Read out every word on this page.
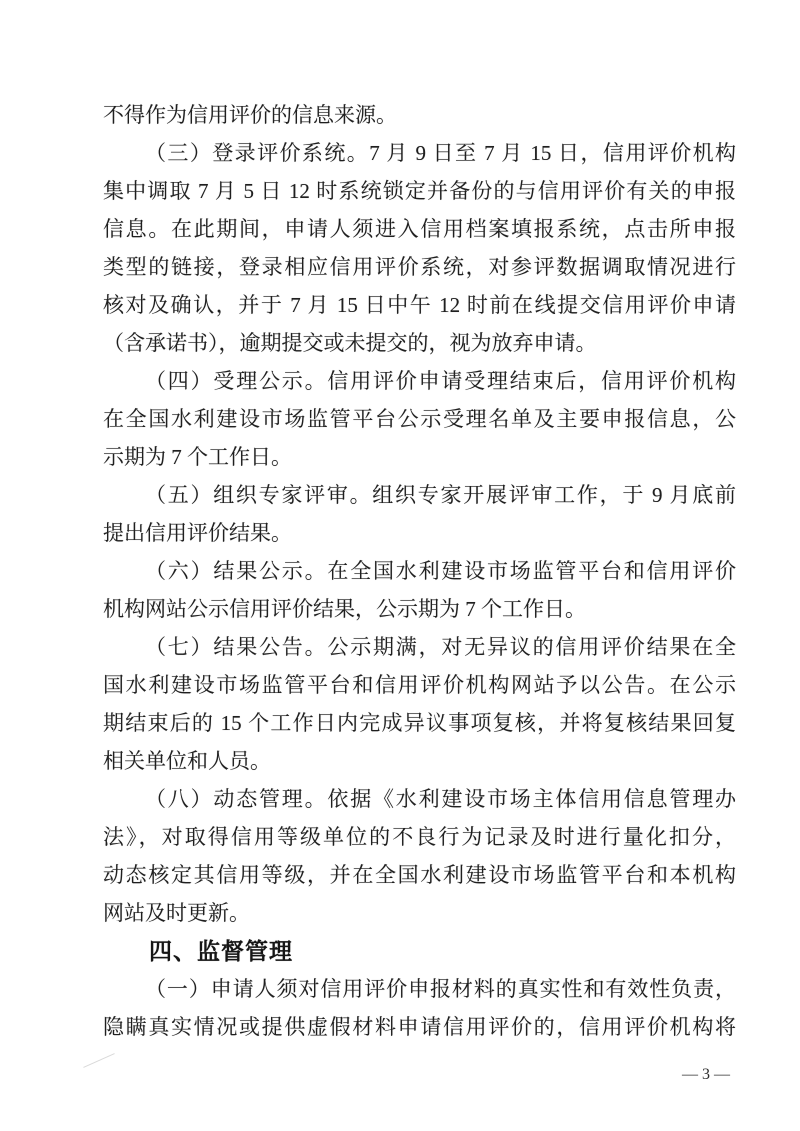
不得作为信用评价的信息来源。
（三）登录评价系统。7 月 9 日至 7 月 15 日，信用评价机构
集中调取 7 月 5 日 12 时系统锁定并备份的与信用评价有关的申报
信息。在此期间，申请人须进入信用档案填报系统，点击所申报
类型的链接，登录相应信用评价系统，对参评数据调取情况进行
核对及确认，并于 7 月 15 日中午 12 时前在线提交信用评价申请
（含承诺书），逾期提交或未提交的，视为放弃申请。
（四）受理公示。信用评价申请受理结束后，信用评价机构
在全国水利建设市场监管平台公示受理名单及主要申报信息，公
示期为 7 个工作日。
（五）组织专家评审。组织专家开展评审工作，于 9 月底前
提出信用评价结果。
（六）结果公示。在全国水利建设市场监管平台和信用评价
机构网站公示信用评价结果，公示期为 7 个工作日。
（七）结果公告。公示期满，对无异议的信用评价结果在全
国水利建设市场监管平台和信用评价机构网站予以公告。在公示
期结束后的 15 个工作日内完成异议事项复核，并将复核结果回复
相关单位和人员。
（八）动态管理。依据《水利建设市场主体信用信息管理办
法》，对取得信用等级单位的不良行为记录及时进行量化扣分，
动态核定其信用等级，并在全国水利建设市场监管平台和本机构
网站及时更新。
四、监督管理
（一）申请人须对信用评价申报材料的真实性和有效性负责，
隐瞒真实情况或提供虚假材料申请信用评价的，信用评价机构将
— 3 —
